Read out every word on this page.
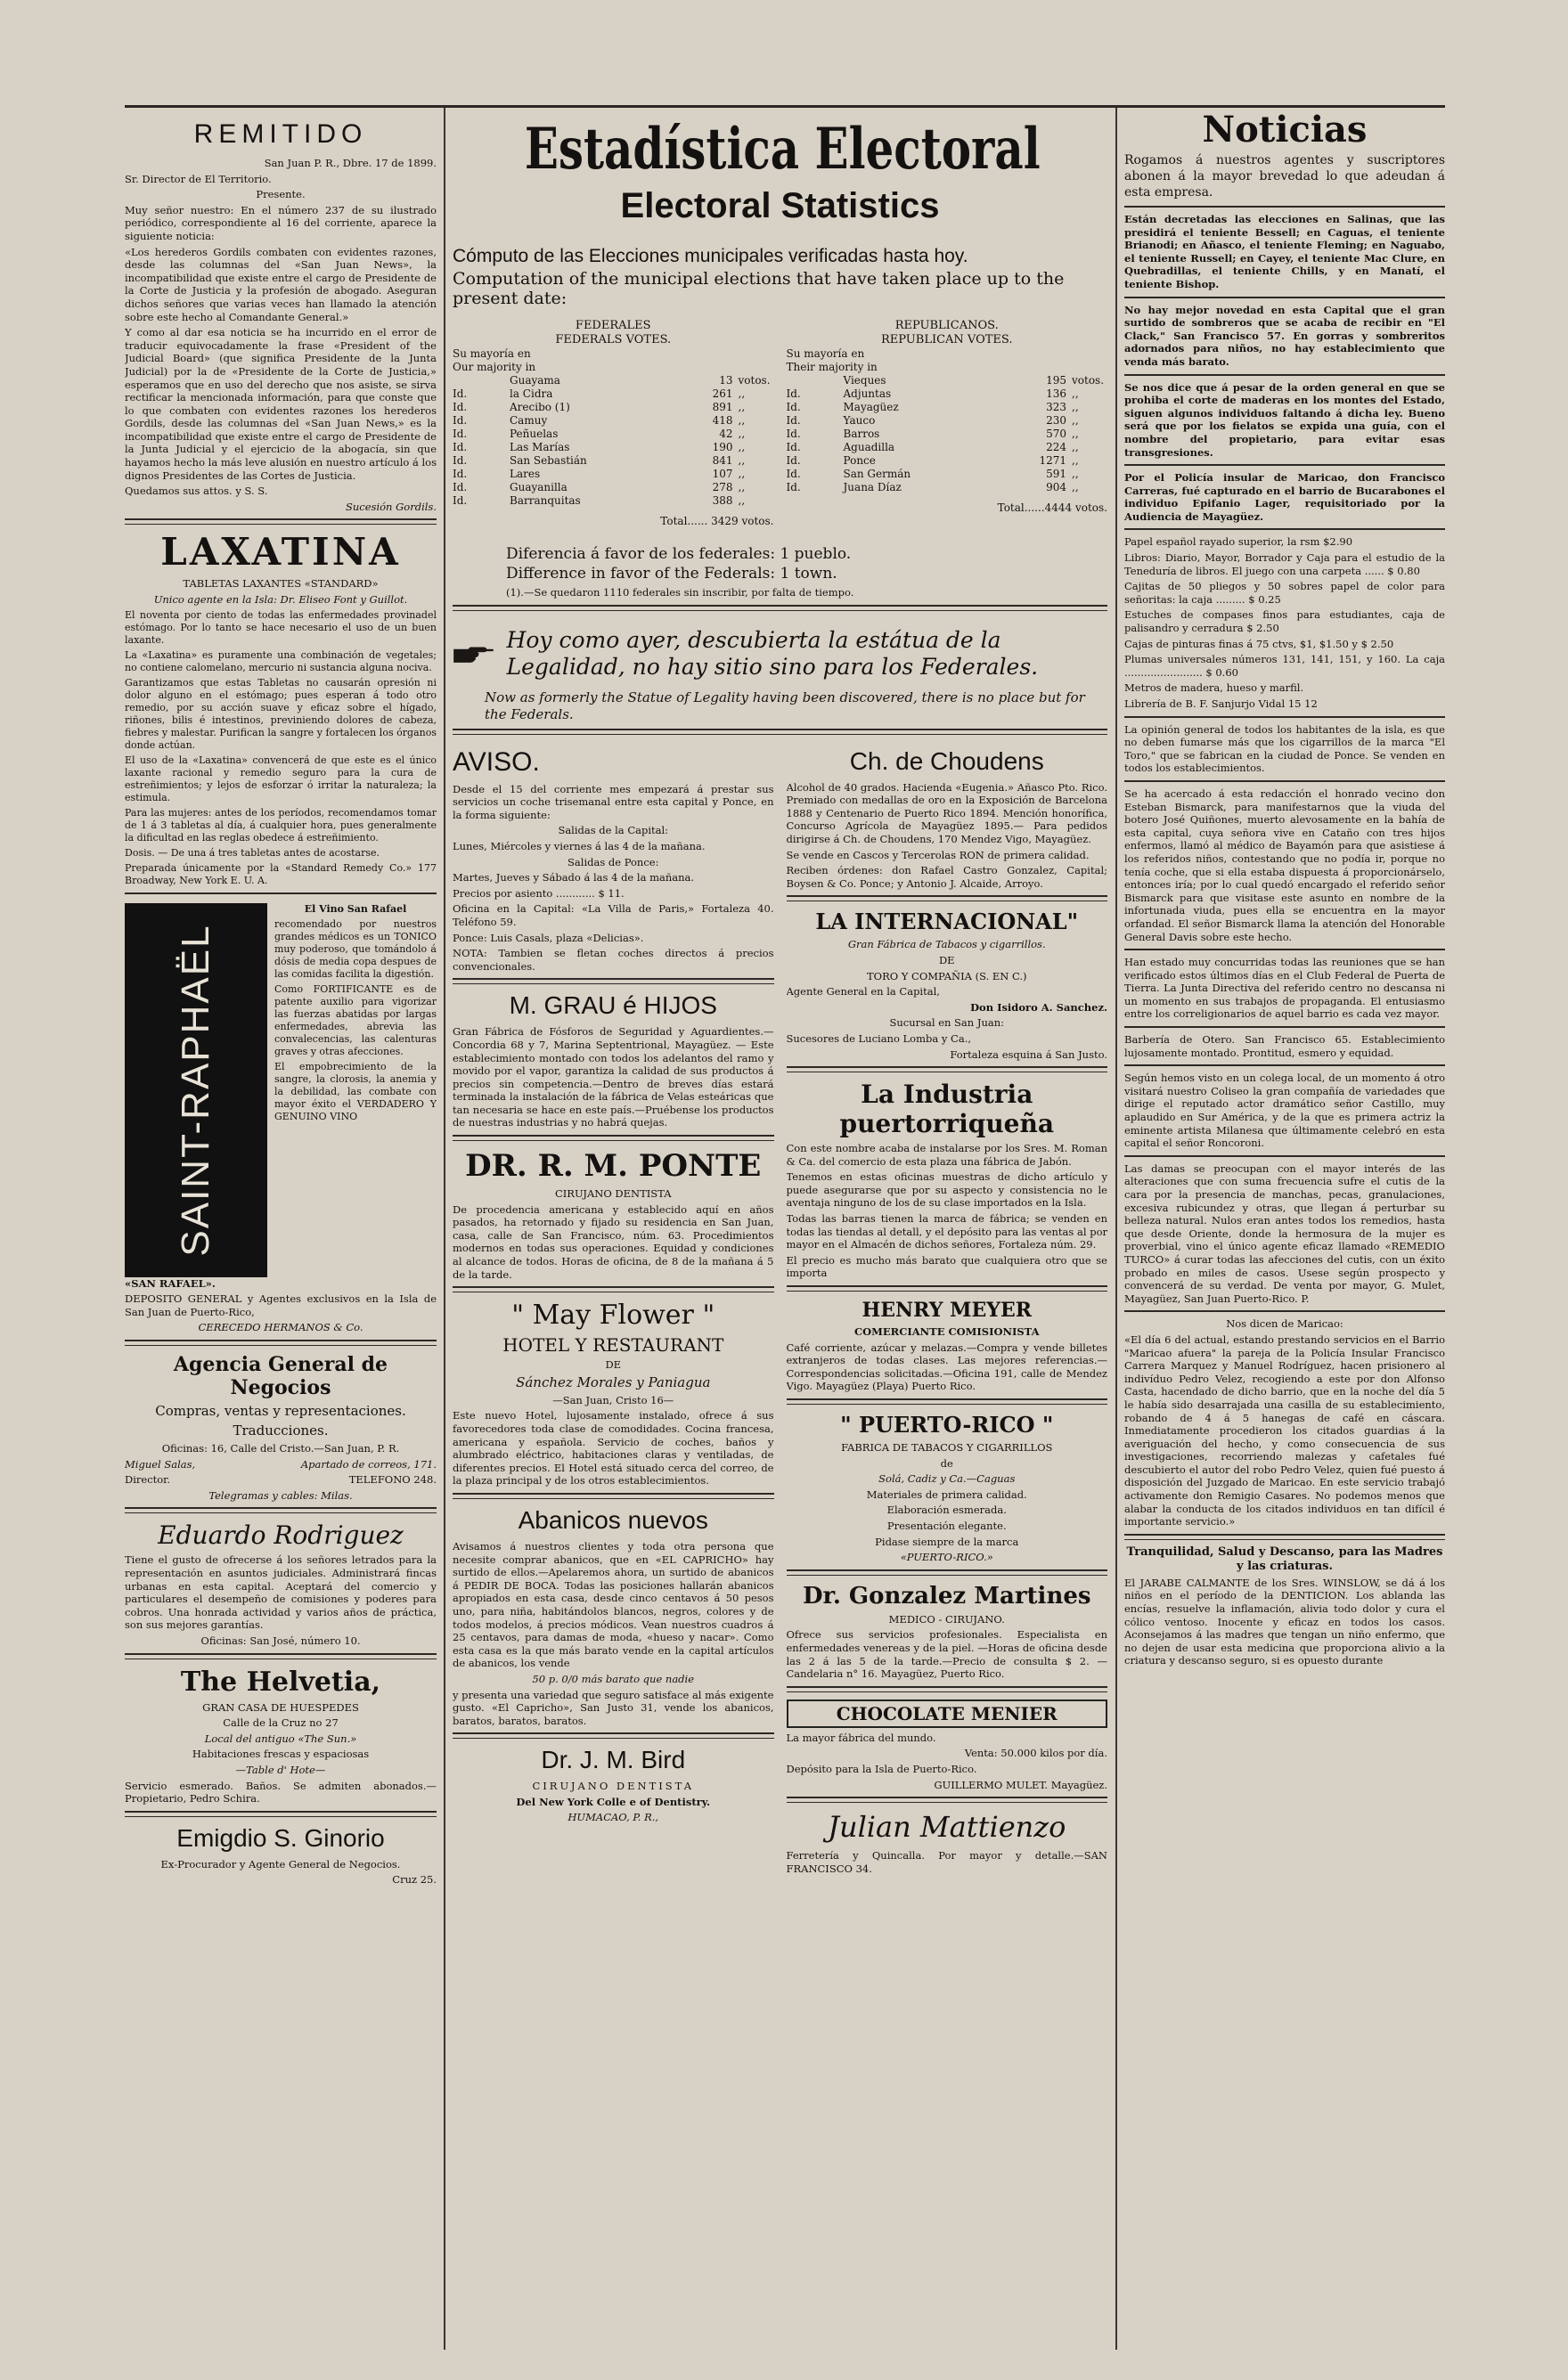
REMITIDO

San Juan P. R., Dbre. 17 de 1899.

Sr. Director de El Territorio.

Presente.

Muy señor nuestro: En el número 237 de su ilustrado periódico, correspondiente al 16 del corriente, aparece la siguiente noticia:

«Los herederos Gordils combaten con evidentes razones, desde las columnas del «San Juan News», la incompatibilidad que existe entre el cargo de Presidente de la Corte de Justicia y la profesión de abogado. Aseguran dichos señores que varias veces han llamado la atención sobre este hecho al Comandante General.»

Y como al dar esa noticia se ha incurrido en el error de traducir equivocadamente la frase «President of the Judicial Board» (que significa Presidente de la Junta Judicial) por la de «Presidente de la Corte de Justicia,» esperamos que en uso del derecho que nos asiste, se sirva rectificar la mencionada información, para que conste que lo que combaten con evidentes razones los herederos Gordils, desde las columnas del «San Juan News,» es la incompatibilidad que existe entre el cargo de Presidente de la Junta Judicial y el ejercicio de la abogacía, sin que hayamos hecho la más leve alusión en nuestro artículo á los dignos Presidentes de las Cortes de Justicia.

Quedamos sus attos. y S. S.

Sucesión Gordils.

LAXATINA

TABLETAS LAXANTES «STANDARD»

Unico agente en la Isla: Dr. Eliseo Font y Guillot.

El noventa por ciento de todas las enfermedades provinadel estómago. Por lo tanto se hace necesario el uso de un buen laxante.

La «Laxatina» es puramente una combinación de vegetales; no contiene calomelano, mercurio ni sustancia alguna nociva.

Garantizamos que estas Tabletas no causarán opresión ni dolor alguno en el estómago; pues esperan á todo otro remedio, por su acción suave y eficaz sobre el hígado, riñones, bilis é intestinos, previniendo dolores de cabeza, fiebres y malestar. Purifican la sangre y fortalecen los órganos donde actúan.

El uso de la «Laxatina» convencerá de que este es el único laxante racional y remedio seguro para la cura de estreñimientos; y lejos de esforzar ó irritar la naturaleza; la estimula.

Para las mujeres: antes de los períodos, recomendamos tomar de 1 á 3 tabletas al día, á cualquier hora, pues generalmente la dificultad en las reglas obedece á estreñimiento.

Dosis. — De una á tres tabletas antes de acostarse.

Preparada únicamente por la «Standard Remedy Co.» 177 Broadway, New York E. U. A.

SAINT-RAPHAËL

El Vino San Rafael

recomendado por nuestros grandes médicos es un TONICO muy poderoso, que tomándolo á dósis de media copa despues de las comidas facilita la digestión.

Como FORTIFICANTE es de patente auxilio para vigorizar las fuerzas abatidas por largas enfermedades, abrevia las convalecencias, las calenturas graves y otras afecciones.

El empobrecimiento de la sangre, la clorosis, la anemia y la debilidad, las combate con mayor éxito el VERDADERO Y GENUINO VINO

«SAN RAFAEL».

DEPOSITO GENERAL y Agentes exclusivos en la Isla de San Juan de Puerto-Rico,

CERECEDO HERMANOS & Co.

Agencia General de Negocios

Compras, ventas y representaciones.

Traducciones.

Oficinas: 16, Calle del Cristo.—San Juan, P. R.

Miguel Salas,

Director.

Apartado de correos, 171.

TELEFONO 248.

Telegramas y cables: Milas.

Eduardo Rodriguez

Tiene el gusto de ofrecerse á los señores letrados para la representación en asuntos judiciales. Administrará fincas urbanas en esta capital. Aceptará del comercio y particulares el desempeño de comisiones y poderes para cobros. Una honrada actividad y varios años de práctica, son sus mejores garantías.

Oficinas: San José, número 10.

The Helvetia,

GRAN CASA DE HUESPEDES

Calle de la Cruz no 27

Local del antiguo «The Sun.»

Habitaciones frescas y espaciosas

—Table d' Hote—

Servicio esmerado. Baños. Se admiten abonados.—Propietario, Pedro Schira.

Emigdio S. Ginorio

Ex-Procurador y Agente General de Negocios.

Cruz 25.

Estadística Electoral
Electoral Statistics
Cómputo de las Elecciones municipales verificadas hasta hoy.
Computation of the municipal elections that have taken place up to the present date:
FEDERALES
FEDERALS VOTES.
Su mayoría en
Our majority in
Guayama	13 votos.
Id.	la Cidra	261 ,,
Id.	Arecibo (1)	891 ,,
Id.	Camuy	418 ,,
Id.	Peñuelas	42 ,,
Id.	Las Marías	190 ,,
Id.	San Sebastián	841 ,,
Id.	Lares	107 ,,
Id.	Guayanilla	278 ,,
Id.	Barranquitas	388 ,,
Total...... 3429 votos.
REPUBLICANOS.
REPUBLICAN VOTES.
Su mayoría en
Their majority in
Vieques	195 votos.
Id.	Adjuntas	136 ,,
Id.	Mayagüez	323 ,,
Id.	Yauco	230 ,,
Id.	Barros	570 ,,
Id.	Aguadilla	224 ,,
Id.	Ponce	1271 ,,
Id.	San Germán	591 ,,
Id.	Juana Díaz	904 ,,
Total......4444 votos.
Diferencia á favor de los federales: 1 pueblo.
Difference in favor of the Federals: 1 town.

(1).—Se quedaron 1110 federales sin inscribir, por falta de tiempo.

Hoy como ayer, descubierta la estátua de la Legalidad, no hay sitio sino para los Federales.
Now as formerly the Statue of Legality having been discovered, there is no place but for the Federals.
AVISO.

Desde el 15 del corriente mes empezará á prestar sus servicios un coche trisemanal entre esta capital y Ponce, en la forma siguiente:

Salidas de la Capital:

Lunes, Miércoles y viernes á las 4 de la mañana.

Salidas de Ponce:

Martes, Jueves y Sábado á las 4 de la mañana.

Precios por asiento ............ $ 11.

Oficina en la Capital: «La Villa de Paris,» Fortaleza 40. Teléfono 59.

Ponce: Luis Casals, plaza «Delicias».

NOTA: Tambien se fletan coches directos á precios convencionales.

M. GRAU é HIJOS

Gran Fábrica de Fósforos de Seguridad y Aguardientes.—Concordia 68 y 7, Marina Septentrional, Mayagüez. — Este establecimiento montado con todos los adelantos del ramo y movido por el vapor, garantiza la calidad de sus productos á precios sin competencia.—Dentro de breves días estará terminada la instalación de la fábrica de Velas esteáricas que tan necesaria se hace en este país.—Pruébense los productos de nuestras industrias y no habrá quejas.

DR. R. M. PONTE

CIRUJANO DENTISTA

De procedencia americana y establecido aquí en años pasados, ha retornado y fijado su residencia en San Juan, casa, calle de San Francisco, núm. 63. Procedimientos modernos en todas sus operaciones. Equidad y condiciones al alcance de todos. Horas de oficina, de 8 de la mañana á 5 de la tarde.

" May Flower "

HOTEL Y RESTAURANT

DE

Sánchez Morales y Paniagua

—San Juan, Cristo 16—

Este nuevo Hotel, lujosamente instalado, ofrece á sus favorecedores toda clase de comodidades. Cocina francesa, americana y española. Servicio de coches, baños y alumbrado eléctrico, habitaciones claras y ventiladas, de diferentes precios. El Hotel está situado cerca del correo, de la plaza principal y de los otros establecimientos.

Abanicos nuevos

Avisamos á nuestros clientes y toda otra persona que necesite comprar abanicos, que en «EL CAPRICHO» hay surtido de ellos.—Apelaremos ahora, un surtido de abanicos á PEDIR DE BOCA. Todas las posiciones hallarán abanicos apropiados en esta casa, desde cinco centavos á 50 pesos uno, para niña, habitándolos blancos, negros, colores y de todos modelos, á precios módicos. Vean nuestros cuadros á 25 centavos, para damas de moda, «hueso y nacar». Como esta casa es la que más barato vende en la capital artículos de abanicos, los vende

50 p. 0/0 más barato que nadie

y presenta una variedad que seguro satisface al más exigente gusto. «El Capricho», San Justo 31, vende los abanicos, baratos, baratos, baratos.

Dr. J. M. Bird

CIRUJANO DENTISTA

Del New York Colle e of Dentistry.

HUMACAO, P. R.,

Ch. de Choudens

Alcohol de 40 grados. Hacienda «Eugenia.» Añasco Pto. Rico. Premiado con medallas de oro en la Exposición de Barcelona 1888 y Centenario de Puerto Rico 1894. Mención honorífica, Concurso Agrícola de Mayagüez 1895.— Para pedidos dirigirse á Ch. de Choudens, 170 Mendez Vigo, Mayagüez.

Se vende en Cascos y Tercerolas RON de primera calidad.

Reciben órdenes: don Rafael Castro Gonzalez, Capital; Boysen & Co. Ponce; y Antonio J. Alcaide, Arroyo.

LA INTERNACIONAL"

Gran Fábrica de Tabacos y cigarrillos.

DE

TORO Y COMPAÑIA (S. EN C.)

Agente General en la Capital,

Don Isidoro A. Sanchez.

Sucursal en San Juan:

Sucesores de Luciano Lomba y Ca.,

Fortaleza esquina á San Justo.

La Industria puertorriqueña

Con este nombre acaba de instalarse por los Sres. M. Roman & Ca. del comercio de esta plaza una fábrica de Jabón.

Tenemos en estas oficinas muestras de dicho artículo y puede asegurarse que por su aspecto y consistencia no le aventaja ninguno de los de su clase importados en la Isla.

Todas las barras tienen la marca de fábrica; se venden en todas las tiendas al detall, y el depósito para las ventas al por mayor en el Almacén de dichos señores, Fortaleza núm. 29.

El precio es mucho más barato que cualquiera otro que se importa

HENRY MEYER

COMERCIANTE COMISIONISTA

Café corriente, azúcar y melazas.—Compra y vende billetes extranjeros de todas clases. Las mejores referencias.— Correspondencias solicitadas.—Oficina 191, calle de Mendez Vigo. Mayagüez (Playa) Puerto Rico.

" PUERTO-RICO "

FABRICA DE TABACOS Y CIGARRILLOS

de

Solá, Cadiz y Ca.—Caguas

Materiales de primera calidad.

Elaboración esmerada.

Presentación elegante.

Pidase siempre de la marca

«PUERTO-RICO.»

Dr. Gonzalez Martines

MEDICO - CIRUJANO.

Ofrece sus servicios profesionales. Especialista en enfermedades venereas y de la piel. —Horas de oficina desde las 2 á las 5 de la tarde.—Precio de consulta $ 2. — Candelaria n° 16. Mayagüez, Puerto Rico.

CHOCOLATE MENIER

La mayor fábrica del mundo.

Venta: 50.000 kilos por día.

Depósito para la Isla de Puerto-Rico.

GUILLERMO MULET. Mayagüez.

Julian Mattienzo

Ferretería y Quincalla. Por mayor y detalle.—SAN FRANCISCO 34.

Noticias

Rogamos á nuestros agentes y suscriptores abonen á la mayor brevedad lo que adeudan á esta empresa.

Están decretadas las elecciones en Salinas, que las presidirá el teniente Bessell; en Caguas, el teniente Brianodi; en Añasco, el teniente Fleming; en Naguabo, el teniente Russell; en Cayey, el teniente Mac Clure, en Quebradillas, el teniente Chills, y en Manatí, el teniente Bishop.

No hay mejor novedad en esta Capital que el gran surtido de sombreros que se acaba de recibir en "El Clack," San Francisco 57. En gorras y sombreritos adornados para niños, no hay establecimiento que venda más barato.

Se nos dice que á pesar de la orden general en que se prohiba el corte de maderas en los montes del Estado, siguen algunos individuos faltando á dicha ley. Bueno será que por los fielatos se expida una guía, con el nombre del propietario, para evitar esas transgresiones.

Por el Policía insular de Maricao, don Francisco Carreras, fué capturado en el barrio de Bucarabones el individuo Epifanio Lager, requisitoriado por la Audiencia de Mayagüez.

Papel español rayado superior, la rsm $2.90

Libros: Diario, Mayor, Borrador y Caja para el estudio de la Teneduría de libros. El juego con una carpeta ...... $ 0.80

Cajitas de 50 pliegos y 50 sobres papel de color para señoritas: la caja ......... $ 0.25

Estuches de compases finos para estudiantes, caja de palisandro y cerradura $ 2.50

Cajas de pinturas finas á 75 ctvs, $1, $1.50 y $ 2.50

Plumas universales números 131, 141, 151, y 160. La caja ........................ $ 0.60

Metros de madera, hueso y marfil.

Librería de B. F. Sanjurjo Vidal 15 12

La opinión general de todos los habitantes de la isla, es que no deben fumarse más que los cigarrillos de la marca "El Toro," que se fabrican en la ciudad de Ponce. Se venden en todos los establecimientos.

Se ha acercado á esta redacción el honrado vecino don Esteban Bismarck, para manifestarnos que la viuda del botero José Quiñones, muerto alevosamente en la bahía de esta capital, cuya señora vive en Cataño con tres hijos enfermos, llamó al médico de Bayamón para que asistiese á los referidos niños, contestando que no podía ir, porque no tenía coche, que si ella estaba dispuesta á proporcionárselo, entonces iría; por lo cual quedó encargado el referido señor Bismarck para que visitase este asunto en nombre de la infortunada viuda, pues ella se encuentra en la mayor orfandad. El señor Bismarck llama la atención del Honorable General Davis sobre este hecho.

Han estado muy concurridas todas las reuniones que se han verificado estos últimos días en el Club Federal de Puerta de Tierra. La Junta Directiva del referido centro no descansa ni un momento en sus trabajos de propaganda. El entusiasmo entre los correligionarios de aquel barrio es cada vez mayor.

Barbería de Otero. San Francisco 65. Establecimiento lujosamente montado. Prontitud, esmero y equidad.

Según hemos visto en un colega local, de un momento á otro visitará nuestro Coliseo la gran compañía de variedades que dirige el reputado actor dramático señor Castillo, muy aplaudido en Sur América, y de la que es primera actriz la eminente artista Milanesa que últimamente celebró en esta capital el señor Roncoroni.

Las damas se preocupan con el mayor interés de las alteraciones que con suma frecuencia sufre el cutis de la cara por la presencia de manchas, pecas, granulaciones, excesiva rubicundez y otras, que llegan á perturbar su belleza natural. Nulos eran antes todos los remedios, hasta que desde Oriente, donde la hermosura de la mujer es proverbial, vino el único agente eficaz llamado «REMEDIO TURCO» á curar todas las afecciones del cutis, con un éxito probado en miles de casos. Usese según prospecto y convencerá de su verdad. De venta por mayor, G. Mulet, Mayagüez, San Juan Puerto-Rico. P.

Nos dicen de Maricao:

«El día 6 del actual, estando prestando servicios en el Barrio "Maricao afuera" la pareja de la Policía Insular Francisco Carrera Marquez y Manuel Rodríguez, hacen prisionero al indivíduo Pedro Velez, recogiendo a este por don Alfonso Casta, hacendado de dicho barrio, que en la noche del día 5 le había sido desarrajada una casilla de su establecimiento, robando de 4 á 5 hanegas de café en cáscara. Inmediatamente procedieron los citados guardias á la averiguación del hecho, y como consecuencia de sus investigaciones, recorriendo malezas y cafetales fué descubierto el autor del robo Pedro Velez, quien fué puesto á disposición del Juzgado de Maricao. En este servicio trabajó activamente don Remigio Casares. No podemos menos que alabar la conducta de los citados individuos en tan difícil é importante servicio.»

Tranquilidad, Salud y Descanso, para las Madres y las criaturas.

El JARABE CALMANTE de los Sres. WINSLOW, se dá á los niños en el período de la DENTICION. Los ablanda las encías, resuelve la inflamación, alivia todo dolor y cura el cólico ventoso. Inocente y eficaz en todos los casos. Aconsejamos á las madres que tengan un niño enfermo, que no dejen de usar esta medicina que proporciona alivio a la criatura y descanso seguro, si es opuesto durante
